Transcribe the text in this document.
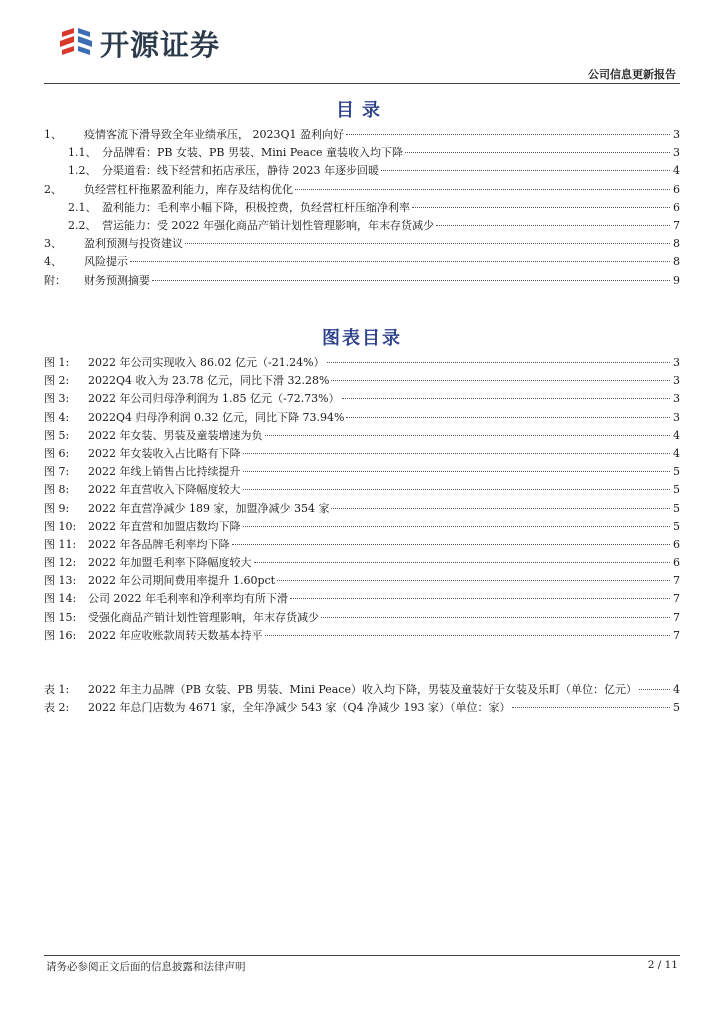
开源证券
公司信息更新报告
目录
1、 疫情客流下滑导致全年业绩承压， 2023Q1 盈利向好	3
1.1、 分品牌看：PB 女装、PB 男装、Mini Peace 童装收入均下降	3
1.2、 分渠道看：线下经营和拓店承压，静待 2023 年逐步回暖	4
2、 负经营杠杆拖累盈利能力，库存及结构优化	6
2.1、 盈利能力：毛利率小幅下降，积极控费，负经营杠杆压缩净利率	6
2.2、 营运能力：受 2022 年强化商品产销计划性管理影响，年末存货减少	7
3、 盈利预测与投资建议	8
4、 风险提示	8
附： 财务预测摘要	9
图表目录
图 1: 2022 年公司实现收入 86.02 亿元（-21.24%）	3
图 2: 2022Q4 收入为 23.78 亿元，同比下滑 32.28%	3
图 3: 2022 年公司归母净利润为 1.85 亿元（-72.73%）	3
图 4: 2022Q4 归母净利润 0.32 亿元，同比下降 73.94%	3
图 5: 2022 年女装、男装及童装增速为负	4
图 6: 2022 年女装收入占比略有下降	4
图 7: 2022 年线上销售占比持续提升	5
图 8: 2022 年直营收入下降幅度较大	5
图 9: 2022 年直营净减少 189 家，加盟净减少 354 家	5
图 10: 2022 年直营和加盟店数均下降	5
图 11: 2022 年各品牌毛利率均下降	6
图 12: 2022 年加盟毛利率下降幅度较大	6
图 13: 2022 年公司期间费用率提升 1.60pct	7
图 14: 公司 2022 年毛利率和净利率均有所下滑	7
图 15: 受强化商品产销计划性管理影响，年末存货减少	7
图 16: 2022 年应收账款周转天数基本持平	7
表 1: 2022 年主力品牌（PB 女装、PB 男装、Mini Peace）收入均下降，男装及童装好于女装及乐町（单位：亿元）	4
表 2: 2022 年总门店数为 4671 家，全年净减少 543 家（Q4 净减少 193 家）（单位：家）	5
请务必参阅正文后面的信息披露和法律声明	2 / 11
